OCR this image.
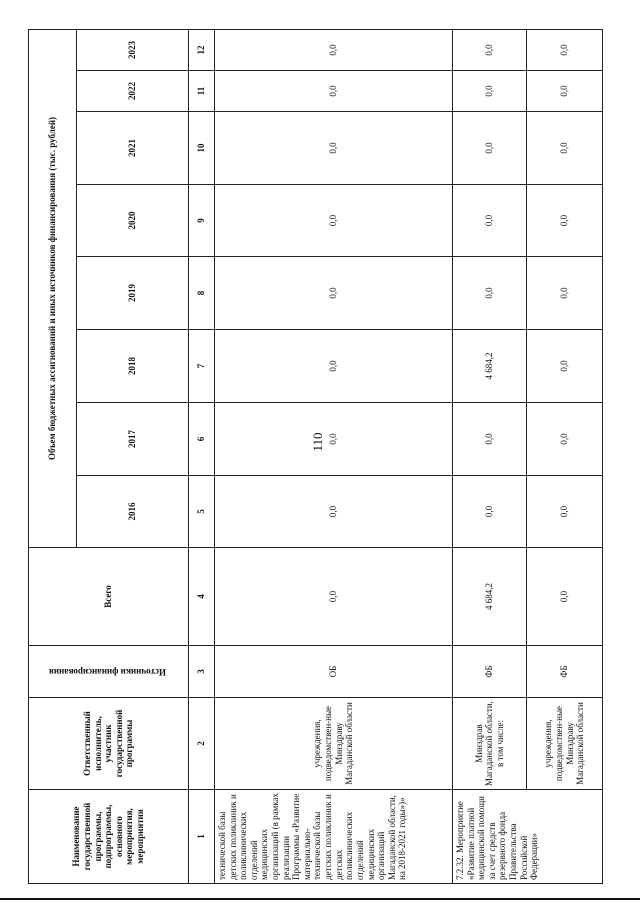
110
Наименование государственной программы, подпрограммы, основного мероприятия, мероприятия	Ответственный исполнитель, участник государственной программы	Источники финансирования	Всего	Объем бюджетных ассигнований и иных источников финансирования (тыс. рублей)							
				2016	2017	2018	2019	2020	2021	2022	2023
1	2	3	4	5	6	7	8	9	10	11	12
технической базы детских поликлиник и поликлинических отделений медицинских организаций (в рамках реализации Программы «Развитие материально-технической базы детских поликлиник и детских поликлинических отделений медицинских организаций Магаданской области, на 2018-2021 годы»)»	учреждения, подведомствен-ные Минздраву Магаданской области	ОБ	0,0	0,0	0,0	0,0	0,0	0,0	0,0	0,0	0,0
7.2.32. Мероприятие «Развитие платной медицинской помощи за счет средств резервного фонда Правительства Российской Федерации»	Минздрав Магаданской области, в том числе:	ФБ	4 684,2	0,0	0,0	4 684,2	0,0	0,0	0,0	0,0	0,0
	учреждения, подведомствен-ные Минздраву Магаданской области	ФБ	0,0	0,0	0,0	0,0	0,0	0,0	0,0	0,0	0,0
